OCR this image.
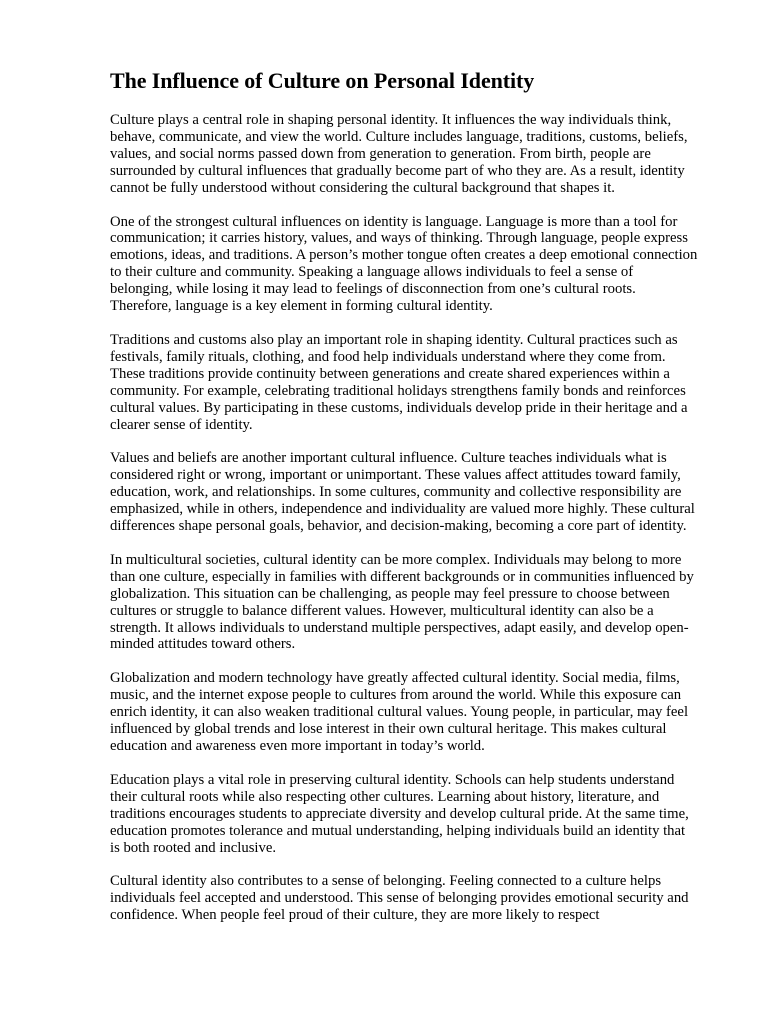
The Influence of Culture on Personal Identity

Culture plays a central role in shaping personal identity. It influences the way individuals think, behave, communicate, and view the world. Culture includes language, traditions, customs, beliefs, values, and social norms passed down from generation to generation. From birth, people are surrounded by cultural influences that gradually become part of who they are. As a result, identity cannot be fully understood without considering the cultural background that shapes it.

One of the strongest cultural influences on identity is language. Language is more than a tool for communication; it carries history, values, and ways of thinking. Through language, people express emotions, ideas, and traditions. A person’s mother tongue often creates a deep emotional connection to their culture and community. Speaking a language allows individuals to feel a sense of belonging, while losing it may lead to feelings of disconnection from one’s cultural roots. Therefore, language is a key element in forming cultural identity.

Traditions and customs also play an important role in shaping identity. Cultural practices such as festivals, family rituals, clothing, and food help individuals understand where they come from. These traditions provide continuity between generations and create shared experiences within a community. For example, celebrating traditional holidays strengthens family bonds and reinforces cultural values. By participating in these customs, individuals develop pride in their heritage and a clearer sense of identity.

Values and beliefs are another important cultural influence. Culture teaches individuals what is considered right or wrong, important or unimportant. These values affect attitudes toward family, education, work, and relationships. In some cultures, community and collective responsibility are emphasized, while in others, independence and individuality are valued more highly. These cultural differences shape personal goals, behavior, and decision-making, becoming a core part of identity.

In multicultural societies, cultural identity can be more complex. Individuals may belong to more than one culture, especially in families with different backgrounds or in communities influenced by globalization. This situation can be challenging, as people may feel pressure to choose between cultures or struggle to balance different values. However, multicultural identity can also be a strength. It allows individuals to understand multiple perspectives, adapt easily, and develop open-minded attitudes toward others.

Globalization and modern technology have greatly affected cultural identity. Social media, films, music, and the internet expose people to cultures from around the world. While this exposure can enrich identity, it can also weaken traditional cultural values. Young people, in particular, may feel influenced by global trends and lose interest in their own cultural heritage. This makes cultural education and awareness even more important in today’s world.

Education plays a vital role in preserving cultural identity. Schools can help students understand their cultural roots while also respecting other cultures. Learning about history, literature, and traditions encourages students to appreciate diversity and develop cultural pride. At the same time, education promotes tolerance and mutual understanding, helping individuals build an identity that is both rooted and inclusive.

Cultural identity also contributes to a sense of belonging. Feeling connected to a culture helps individuals feel accepted and understood. This sense of belonging provides emotional security and confidence. When people feel proud of their culture, they are more likely to respect
